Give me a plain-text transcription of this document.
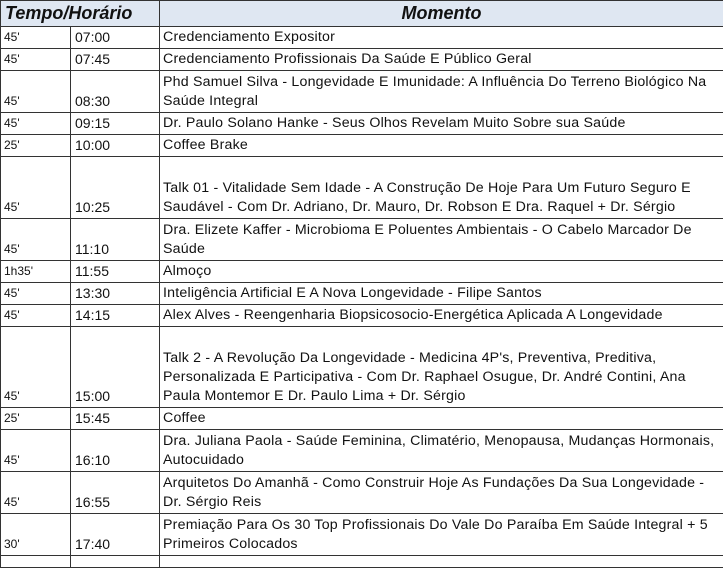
Tempo/Horário		Momento
45'	07:00	Credenciamento Expositor
45'	07:45	Credenciamento Profissionais Da Saúde E Público Geral
45'	08:30	Phd Samuel Silva - Longevidade E Imunidade: A Influência Do Terreno Biológico Na Saúde Integral
45'	09:15	Dr. Paulo Solano Hanke - Seus Olhos Revelam Muito Sobre sua Saúde
25'	10:00	Coffee Brake
45'	10:25	Talk 01 - Vitalidade Sem Idade - A Construção De Hoje Para Um Futuro Seguro E Saudável - Com Dr. Adriano, Dr. Mauro, Dr. Robson E Dra. Raquel + Dr. Sérgio
45'	11:10	Dra. Elizete Kaffer - Microbioma E Poluentes Ambientais - O Cabelo Marcador De Saúde
1h35'	11:55	Almoço
45'	13:30	Inteligência Artificial E A Nova Longevidade - Filipe Santos
45'	14:15	Alex Alves - Reengenharia Biopsicosocio-Energética Aplicada A Longevidade
45'	15:00	Talk 2 - A Revolução Da Longevidade - Medicina 4P's, Preventiva, Preditiva, Personalizada E Participativa - Com Dr. Raphael Osugue, Dr. André Contini, Ana Paula Montemor E Dr. Paulo Lima + Dr. Sérgio
25'	15:45	Coffee
45'	16:10	Dra. Juliana Paola - Saúde Feminina, Climatério, Menopausa, Mudanças Hormonais, Autocuidado
45'	16:55	Arquitetos Do Amanhã - Como Construir Hoje As Fundações Da Sua Longevidade - Dr. Sérgio Reis
30'	17:40	Premiação Para Os 30 Top Profissionais Do Vale Do Paraíba Em Saúde Integral + 5 Primeiros Colocados
